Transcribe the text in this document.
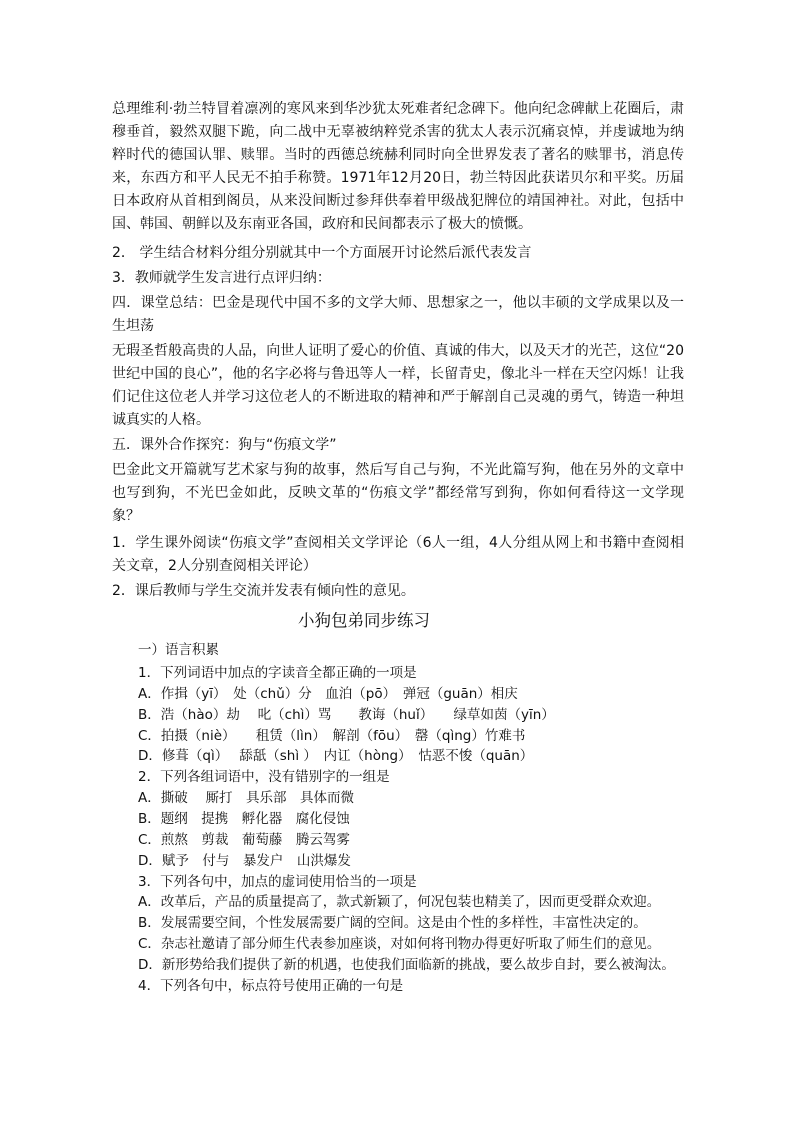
总理维利·勃兰特冒着凛冽的寒风来到华沙犹太死难者纪念碑下。他向纪念碑献上花圈后，肃穆垂首，毅然双腿下跪，向二战中无辜被纳粹党杀害的犹太人表示沉痛哀悼，并虔诚地为纳粹时代的德国认罪、赎罪。当时的西德总统赫利同时向全世界发表了著名的赎罪书，消息传来，东西方和平人民无不拍手称赞。1971年12月20日，勃兰特因此获诺贝尔和平奖。历届日本政府从首相到阁员，从来没间断过参拜供奉着甲级战犯牌位的靖国神社。对此，包括中国、韩国、朝鲜以及东南亚各国，政府和民间都表示了极大的愤慨。
2． 学生结合材料分组分别就其中一个方面展开讨论然后派代表发言
3．教师就学生发言进行点评归纳：
四．课堂总结：巴金是现代中国不多的文学大师、思想家之一，他以丰硕的文学成果以及一生坦荡
无瑕圣哲般高贵的人品，向世人证明了爱心的价值、真诚的伟大，以及天才的光芒，这位“20世纪中国的良心”，他的名字必将与鲁迅等人一样，长留青史，像北斗一样在天空闪烁！让我们记住这位老人并学习这位老人的不断进取的精神和严于解剖自己灵魂的勇气，铸造一种坦诚真实的人格。
五．课外合作探究：狗与“伤痕文学”
巴金此文开篇就写艺术家与狗的故事，然后写自己与狗，不光此篇写狗，他在另外的文章中也写到狗，不光巴金如此，反映文革的“伤痕文学”都经常写到狗，你如何看待这一文学现象？
1．学生课外阅读“伤痕文学”查阅相关文学评论（6人一组，4人分组从网上和书籍中查阅相关文章，2人分别查阅相关评论）
2．课后教师与学生交流并发表有倾向性的意见。
小狗包弟同步练习
一）语言积累
1．下列词语中加点的字读音全都正确的一项是
A．作揖（yī）　处（chǔ）分　血泊（pō）　弹冠（guān）相庆
B．浩（hào）劫　 叱（chì）骂　　教诲（huǐ）　　绿草如茵（yīn）
C．拍摄（niè）　　租赁（lìn）　解剖（fōu）　罄（qìng）竹难书
D．修葺（qì）　 舔舐（shì ）　内讧（hòng）　怙恶不悛（quān）
2．下列各组词语中，没有错别字的一组是
A．撕破　 厮打　具乐部　具体而微
B．题纲　提携　孵化器　腐化侵蚀
C．煎熬　剪裁　葡萄藤　腾云驾雾
D．赋予　付与　暴发户　山洪爆发
3．下列各句中，加点的虚词使用恰当的一项是
A．改革后，产品的质量提高了，款式新颖了，何况包装也精美了，因而更受群众欢迎。
B．发展需要空间，个性发展需要广阔的空间。这是由个性的多样性，丰富性决定的。
C．杂志社邀请了部分师生代表参加座谈，对如何将刊物办得更好听取了师生们的意见。
D．新形势给我们提供了新的机遇，也使我们面临新的挑战，要么故步自封，要么被淘汰。
4．下列各句中，标点符号使用正确的一句是
